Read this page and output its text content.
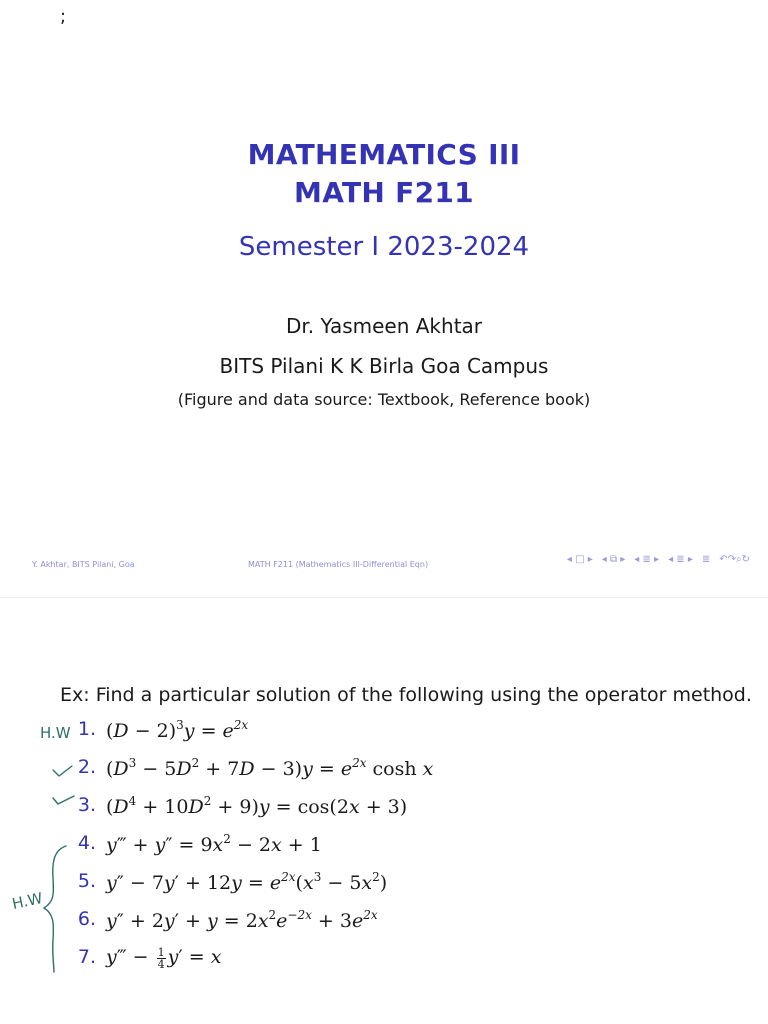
;
MATHEMATICS III
MATH F211
Semester I 2023-2024
Dr. Yasmeen Akhtar
BITS Pilani K K Birla Goa Campus
(Figure and data source: Textbook, Reference book)
Y. Akhtar, BITS Pilani, Goa	MATH F211 (Mathematics III-Differential Eqn)	◂ □ ▸ ◂ ⧉ ▸ ◂ ≣ ▸ ◂ ≣ ▸ ≣ ↶↷⌕↻
Ex: Find a particular solution of the following using the operator method.
1. $(D - 2)^3y = e^{2x}$
2. $(D^3 - 5D^2 + 7D - 3)y = e^{2x}$ cosh x
3. $(D^4 + 10D^2 + 9)y = \cos(2x + 3)$
4. y‴ + $y'' = 9x^2 - 2x + 1$
5. $y'' - 7y' + 12y = e^{2x}(x^3 - 5x^2)$
6. $y'' + 2y' + y = 2x^2e^{-2x} + 3e^{2x}$
7. y‴ − $\frac{1}{4} y' = x$
H.W
H.W
